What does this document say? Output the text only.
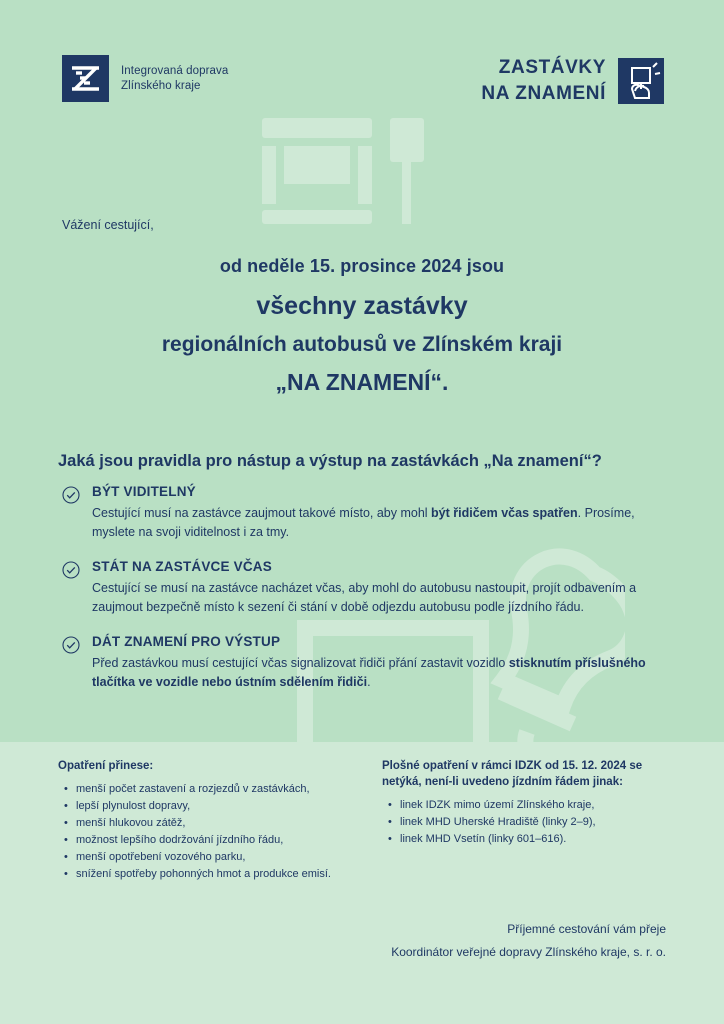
Integrovaná doprava
Zlínského kraje
ZASTÁVKY
NA ZNAMENÍ
Vážení cestující,
od neděle 15. prosince 2024 jsou
všechny zastávky
regionálních autobusů ve Zlínském kraji
„NA ZNAMENÍ“.
Jaká jsou pravidla pro nástup a výstup na zastávkách „Na znamení“?
BÝT VIDITELNÝ
Cestující musí na zastávce zaujmout takové místo, aby mohl být řidičem včas spatřen. Prosíme, myslete na svoji viditelnost i za tmy.
STÁT NA ZASTÁVCE VČAS
Cestující se musí na zastávce nacházet včas, aby mohl do autobusu nastoupit, projít odbavením a zaujmout bezpečně místo k sezení či stání v době odjezdu autobusu podle jízdního řádu.
DÁT ZNAMENÍ PRO VÝSTUP
Před zastávkou musí cestující včas signalizovat řidiči přání zastavit vozidlo stisknutím příslušného tlačítka ve vozidle nebo ústním sdělením řidiči.
Opatření přinese:
• menší počet zastavení a rozjezdů v zastávkách,
• lepší plynulost dopravy,
• menší hlukovou zátěž,
• možnost lepšího dodržování jízdního řádu,
• menší opotřebení vozového parku,
• snížení spotřeby pohonných hmot a produkce emisí.
Plošné opatření v rámci IDZK od 15. 12. 2024 se netýká, není-li uvedeno jízdním řádem jinak:
• linek IDZK mimo území Zlínského kraje,
• linek MHD Uherské Hradiště (linky 2–9),
• linek MHD Vsetín (linky 601–616).
Příjemné cestování vám přeje
Koordinátor veřejné dopravy Zlínského kraje, s. r. o.
